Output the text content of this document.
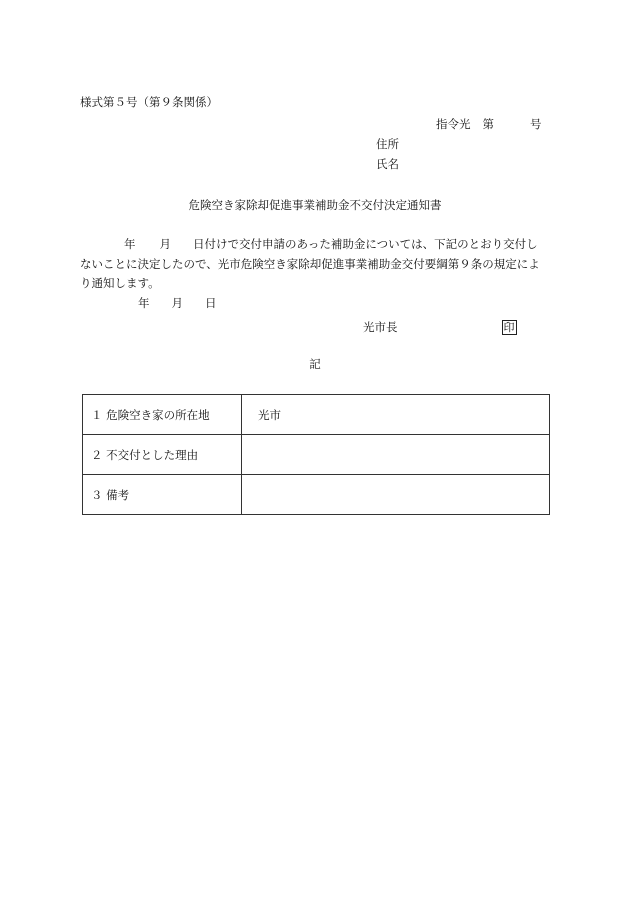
様式第５号（第９条関係）
指令光 第	号
住所
氏名
危険空き家除却促進事業補助金不交付決定通知書
年 月 日付けで交付申請のあった補助金については、下記のとおり交付し
ないことに決定したので、光市危険空き家除却促進事業補助金交付要綱第９条の規定によ
り通知します。
年 月 日
光市長	印
記
１ 危険空き家の所在地	光市
２ 不交付とした理由	
３ 備考	
